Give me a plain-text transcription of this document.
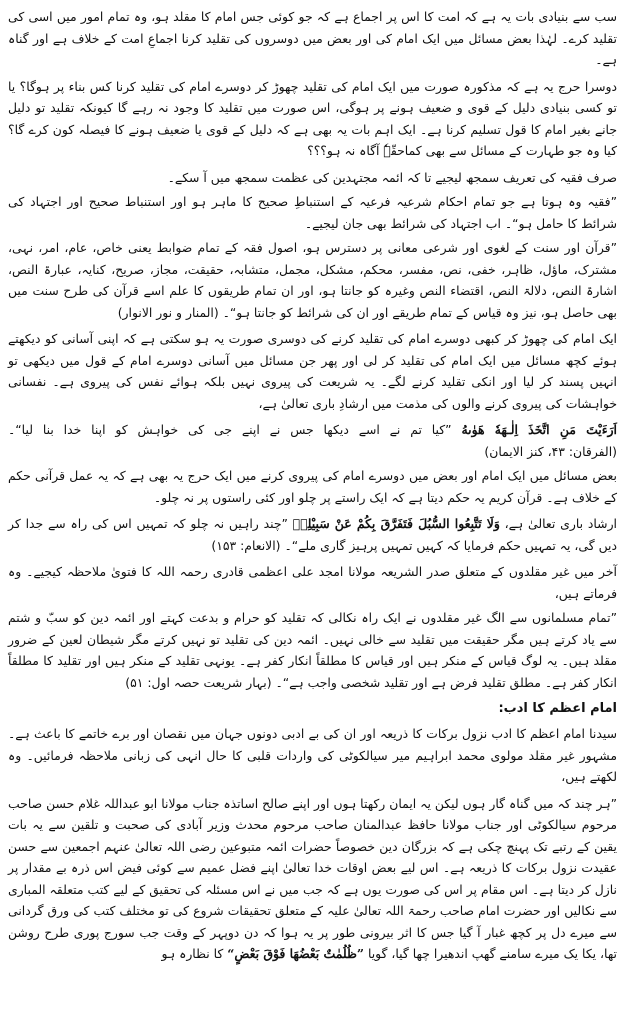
سب سے بنیادی بات یہ ہے کہ امت کا اس پر اجماع ہے کہ جو کوئی جس امام کا مقلد ہو، وہ تمام امور میں اسی کی تقلید کرے۔ لہٰذا بعض مسائل میں ایک امام کی اور بعض میں دوسروں کی تقلید کرنا اجماعِ امت کے خلاف ہے اور گناہ ہے۔

دوسرا حرج یہ ہے کہ مذکورہ صورت میں ایک امام کی تقلید چھوڑ کر دوسرے امام کی تقلید کرنا کس بناء پر ہوگا؟ یا تو کسی بنیادی دلیل کے قوی و ضعیف ہونے پر ہوگی، اس صورت میں تقلید کا وجود نہ رہے گا کیونکہ تقلید تو دلیل جانے بغیر امام کا قول تسلیم کرنا ہے۔ ایک اہم بات یہ بھی ہے کہ دلیل کے قوی یا ضعیف ہونے کا فیصلہ کون کرے گا؟ کیا وہ جو طہارت کے مسائل سے بھی کماحقّہٗ آگاہ نہ ہو؟؟؟

صرف فقیہ کی تعریف سمجھ لیجیے تا کہ ائمہ مجتہدین کی عظمت سمجھ میں آ سکے۔

”فقیہ وہ ہوتا ہے جو تمام احکام شرعیہ فرعیہ کے استنباطِ صحیح کا ماہر ہو اور استنباط صحیح اور اجتہاد کی شرائط کا حامل ہو“۔ اب اجتہاد کی شرائط بھی جان لیجیے۔

”قرآن اور سنت کے لغوی اور شرعی معانی پر دسترس ہو، اصول فقہ کے تمام ضوابط یعنی خاص، عام، امر، نہی، مشترک، ماؤل، ظاہر، خفی، نص، مفسر، محکم، مشکل، مجمل، متشابہ، حقیقت، مجاز، صریح، کنایہ، عبارۃ النص، اشارۃ النص، دلالۃ النص، اقتضاء النص وغیرہ کو جانتا ہو، اور ان تمام طریقوں کا علم اسے قرآن کی طرح سنت میں بھی حاصل ہو، نیز وہ قیاس کے تمام طریقے اور ان کی شرائط کو جانتا ہو“۔ (المنار و نور الانوار)

ایک امام کی چھوڑ کر کبھی دوسرے امام کی تقلید کرنے کی دوسری صورت یہ ہو سکتی ہے کہ اپنی آسانی کو دیکھتے ہوئے کچھ مسائل میں ایک امام کی تقلید کر لی اور پھر جن مسائل میں آسانی دوسرے امام کے قول میں دیکھی تو انہیں پسند کر لیا اور انکی تقلید کرنے لگے۔ یہ شریعت کی پیروی نہیں بلکہ ہوائے نفس کی پیروی ہے۔ نفسانی خواہشات کی پیروی کرنے والوں کی مذمت میں ارشادِ باری تعالیٰ ہے،

اَرَءَیْتَ مَنِ اتَّخَذَ اِلٰـهَهٗ هَوٰىهُ ”کیا تم نے اسے دیکھا جس نے اپنے جی کی خواہش کو اپنا خدا بنا لیا“۔ (الفرقان: ۴۳، کنز الایمان)

بعض مسائل میں ایک امام اور بعض میں دوسرے امام کی پیروی کرنے میں ایک حرج یہ بھی ہے کہ یہ عمل قرآنی حکم کے خلاف ہے۔ قرآن کریم یہ حکم دیتا ہے کہ ایک راستے پر چلو اور کئی راستوں پر نہ چلو۔

ارشاد باری تعالیٰ ہے، وَلَا تَتَّبِعُوا السُّبُلَ فَتَفَرَّقَ بِكُمْ عَنْ سَبِيْلِهٖ ”چند راہیں نہ چلو کہ تمہیں اس کی راہ سے جدا کر دیں گی، یہ تمہیں حکم فرمایا کہ کہیں تمہیں پرہیز گاری ملے“۔ (الانعام: ۱۵۳)

آخر میں غیر مقلدوں کے متعلق صدر الشریعہ مولانا امجد علی اعظمی قادری رحمہ اللہ کا فتویٰ ملاحظہ کیجیے۔ وہ فرماتے ہیں،

”تمام مسلمانوں سے الگ غیر مقلدوں نے ایک راہ نکالی کہ تقلید کو حرام و بدعت کہتے اور ائمہ دین کو سبّ و شتم سے یاد کرتے ہیں مگر حقیقت میں تقلید سے خالی نہیں۔ ائمہ دین کی تقلید تو نہیں کرتے مگر شیطان لعین کے ضرور مقلد ہیں۔ یہ لوگ قیاس کے منکر ہیں اور قیاس کا مطلقاً انکار کفر ہے۔ یونہی تقلید کے منکر ہیں اور تقلید کا مطلقاً انکار کفر ہے۔ مطلق تقلید فرض ہے اور تقلید شخصی واجب ہے“۔ (بہار شریعت حصہ اول: ۵۱)

امام اعظم کا ادب:

سیدنا امام اعظم کا ادب نزول برکات کا ذریعہ اور ان کی بے ادبی دونوں جہان میں نقصان اور برے خاتمے کا باعث ہے۔ مشہور غیر مقلد مولوی محمد ابراہیم میر سیالکوٹی کی واردات قلبی کا حال انہی کی زبانی ملاحظہ فرمائیں۔ وہ لکھتے ہیں،

”ہر چند کہ میں گناہ گار ہوں لیکن یہ ایمان رکھتا ہوں اور اپنے صالح اساتذہ جناب مولانا ابو عبداللہ غلام حسن صاحب مرحوم سیالکوٹی اور جناب مولانا حافظ عبدالمنان صاحب مرحوم محدث وزیر آبادی کی صحبت و تلقین سے یہ بات یقین کے رتبے تک پہنچ چکی ہے کہ بزرگان دین خصوصاً حضرات ائمہ متبوعین رضی اللہ تعالیٰ عنہم اجمعین سے حسن عقیدت نزول برکات کا ذریعہ ہے۔ اس لیے بعض اوقات خدا تعالیٰ اپنے فضل عمیم سے کوئی فیض اس ذرہ بے مقدار پر نازل کر دیتا ہے۔ اس مقام پر اس کی صورت یوں ہے کہ جب میں نے اس مسئلہ کی تحقیق کے لیے کتب متعلقہ المباری سے نکالیں اور حضرت امام صاحب رحمۃ اللہ تعالیٰ علیہ کے متعلق تحقیقات شروع کی تو مختلف کتب کی ورق گردانی سے میرے دل پر کچھ غبار آ گیا جس کا اثر بیرونی طور پر یہ ہوا کہ دن دوپہر کے وقت جب سورج پوری طرح روشن تھا، یکا یک میرے سامنے گھپ اندھیرا چھا گیا، گویا ”ظُلُمٰتٌ بَعْضُهَا فَوْقَ بَعْضٍ“ کا نظارہ ہو
